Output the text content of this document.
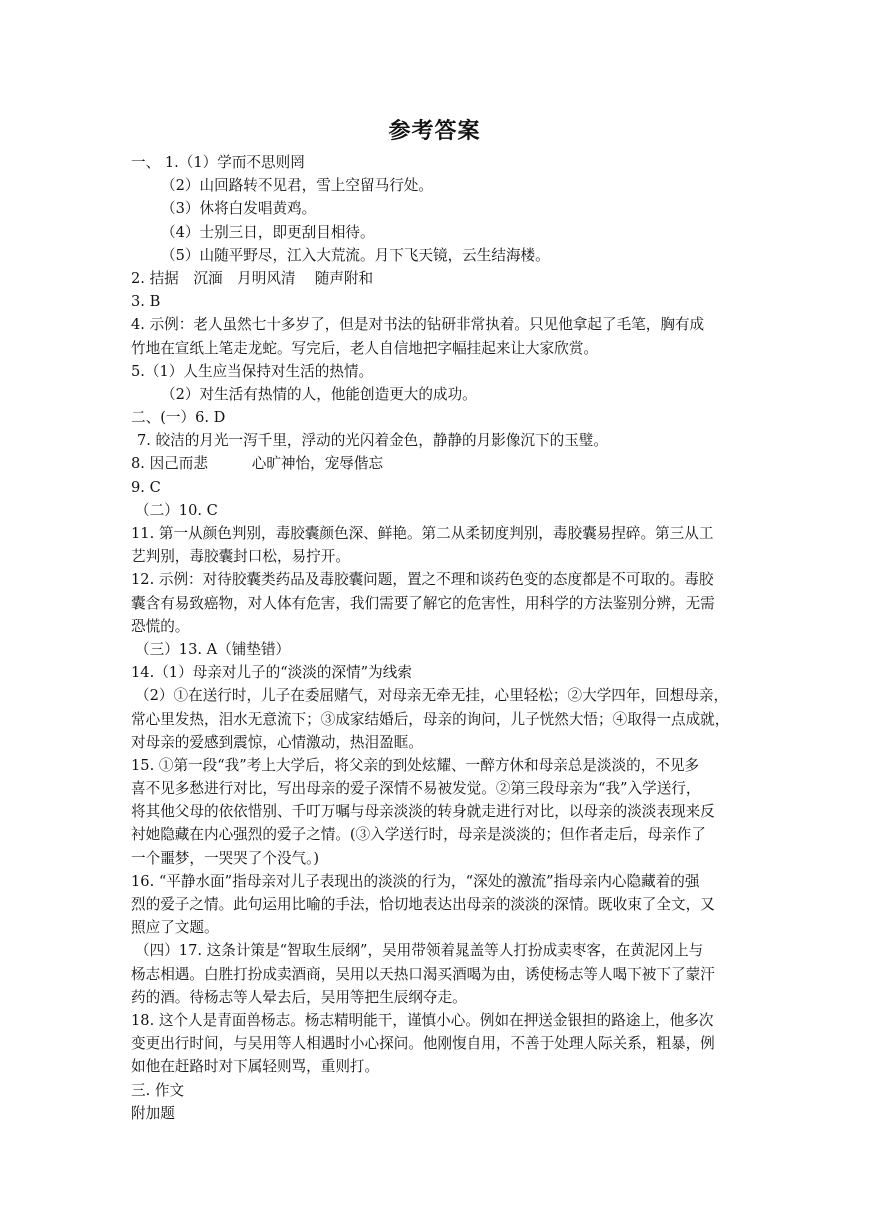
参考答案
一、 1.（1）学而不思则罔
（2）山回路转不见君，雪上空留马行处。
（3）休将白发唱黄鸡。
（4）士别三日，即更刮目相待。
（5）山随平野尽，江入大荒流。月下飞天镜，云生结海楼。
2. 拮据　沉湎　月明风清　 随声附和
3. B
4. 示例：老人虽然七十多岁了，但是对书法的钻研非常执着。只见他拿起了毛笔，胸有成
竹地在宣纸上笔走龙蛇。写完后，老人自信地把字幅挂起来让大家欣赏。
5.（1）人生应当保持对生活的热情。
（2）对生活有热情的人，他能创造更大的成功。
二、(一）6. D
7. 皎洁的月光一泻千里，浮动的光闪着金色，静静的月影像沉下的玉璧。
8. 因己而悲　　　心旷神怡，宠辱偕忘
9. C
（二）10. C
11. 第一从颜色判别，毒胶囊颜色深、鲜艳。第二从柔韧度判别，毒胶囊易捏碎。第三从工
艺判别，毒胶囊封口松，易拧开。
12. 示例：对待胶囊类药品及毒胶囊问题，置之不理和谈药色变的态度都是不可取的。毒胶
囊含有易致癌物，对人体有危害，我们需要了解它的危害性，用科学的方法鉴别分辨，无需
恐慌的。
（三）13. A（铺垫错）
14.（1）母亲对儿子的“淡淡的深情”为线索
（2）①在送行时，儿子在委屈赌气，对母亲无牵无挂，心里轻松；②大学四年，回想母亲，
常心里发热，泪水无意流下；③成家结婚后，母亲的询问，儿子恍然大悟；④取得一点成就，
对母亲的爱感到震惊，心情激动，热泪盈眶。
15. ①第一段“我”考上大学后，将父亲的到处炫耀、一醉方休和母亲总是淡淡的，不见多
喜不见多愁进行对比，写出母亲的爱子深情不易被发觉。②第三段母亲为“我”入学送行，
将其他父母的依依惜别、千叮万嘱与母亲淡淡的转身就走进行对比，以母亲的淡淡表现来反
衬她隐藏在内心强烈的爱子之情。(③入学送行时，母亲是淡淡的；但作者走后，母亲作了
一个噩梦，一哭哭了个没气。)
16. “平静水面”指母亲对儿子表现出的淡淡的行为，“深处的激流”指母亲内心隐藏着的强
烈的爱子之情。此句运用比喻的手法，恰切地表达出母亲的淡淡的深情。既收束了全文，又
照应了文题。
（四）17. 这条计策是“智取生辰纲”，吴用带领着晁盖等人打扮成卖枣客，在黄泥冈上与
杨志相遇。白胜打扮成卖酒商，吴用以天热口渴买酒喝为由，诱使杨志等人喝下被下了蒙汗
药的酒。待杨志等人晕去后，吴用等把生辰纲夺走。
18. 这个人是青面兽杨志。杨志精明能干，谨慎小心。例如在押送金银担的路途上，他多次
变更出行时间，与吴用等人相遇时小心探问。他刚愎自用，不善于处理人际关系，粗暴，例
如他在赶路时对下属轻则骂，重则打。
三. 作文
附加题
